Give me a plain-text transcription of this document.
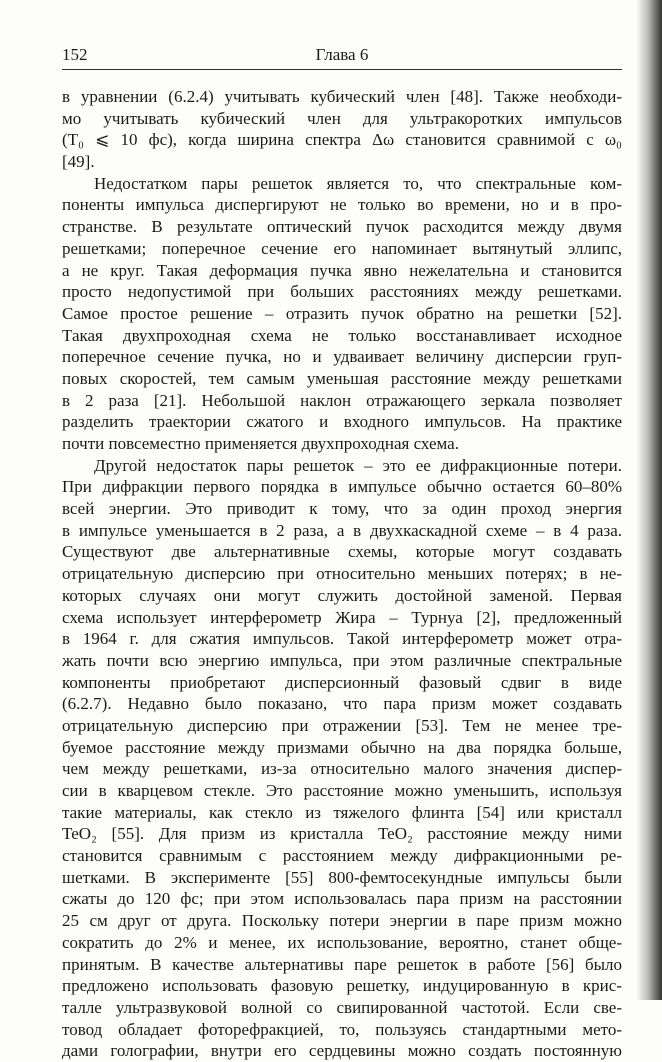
152	Глава 6
в уравнении (6.2.4) учитывать кубический член [48]. Также необходи-
мо учитывать кубический член для ультракоротких импульсов
(T₀ ⩽ 10 фс), когда ширина спектра Δω становится сравнимой с ω₀
[49].
Недостатком пары решеток является то, что спектральные ком-
поненты импульса диспергируют не только во времени, но и в про-
странстве. В результате оптический пучок расходится между двумя
решетками; поперечное сечение его напоминает вытянутый эллипс,
а не круг. Такая деформация пучка явно нежелательна и становится
просто недопустимой при больших расстояниях между решетками.
Самое простое решение – отразить пучок обратно на решетки [52].
Такая двухпроходная схема не только восстанавливает исходное
поперечное сечение пучка, но и удваивает величину дисперсии груп-
повых скоростей, тем самым уменьшая расстояние между решетками
в 2 раза [21]. Небольшой наклон отражающего зеркала позволяет
разделить траектории сжатого и входного импульсов. На практике
почти повсеместно применяется двухпроходная схема.
Другой недостаток пары решеток – это ее дифракционные потери.
При дифракции первого порядка в импульсе обычно остается 60–80%
всей энергии. Это приводит к тому, что за один проход энергия
в импульсе уменьшается в 2 раза, а в двухкаскадной схеме – в 4 раза.
Существуют две альтернативные схемы, которые могут создавать
отрицательную дисперсию при относительно меньших потерях; в не-
которых случаях они могут служить достойной заменой. Первая
схема использует интерферометр Жира – Турнуа [2], предложенный
в 1964 г. для сжатия импульсов. Такой интерферометр может отра-
жать почти всю энергию импульса, при этом различные спектральные
компоненты приобретают дисперсионный фазовый сдвиг в виде
(6.2.7). Недавно было показано, что пара призм может создавать
отрицательную дисперсию при отражении [53]. Тем не менее тре-
буемое расстояние между призмами обычно на два порядка больше,
чем между решетками, из-за относительно малого значения диспер-
сии в кварцевом стекле. Это расстояние можно уменьшить, используя
такие материалы, как стекло из тяжелого флинта [54] или кристалл
TeO₂ [55]. Для призм из кристалла TeO₂ расстояние между ними
становится сравнимым с расстоянием между дифракционными ре-
шетками. В эксперименте [55] 800-фемтосекундные импульсы были
сжаты до 120 фс; при этом использовалась пара призм на расстоянии
25 см друг от друга. Поскольку потери энергии в паре призм можно
сократить до 2% и менее, их использование, вероятно, станет обще-
принятым. В качестве альтернативы паре решеток в работе [56] было
предложено использовать фазовую решетку, индуцированную в крис-
талле ультразвуковой волной со свипированной частотой. Если све-
товод обладает фоторефракцией, то, пользуясь стандартными мето-
дами голографии, внутри его сердцевины можно создать постоянную
